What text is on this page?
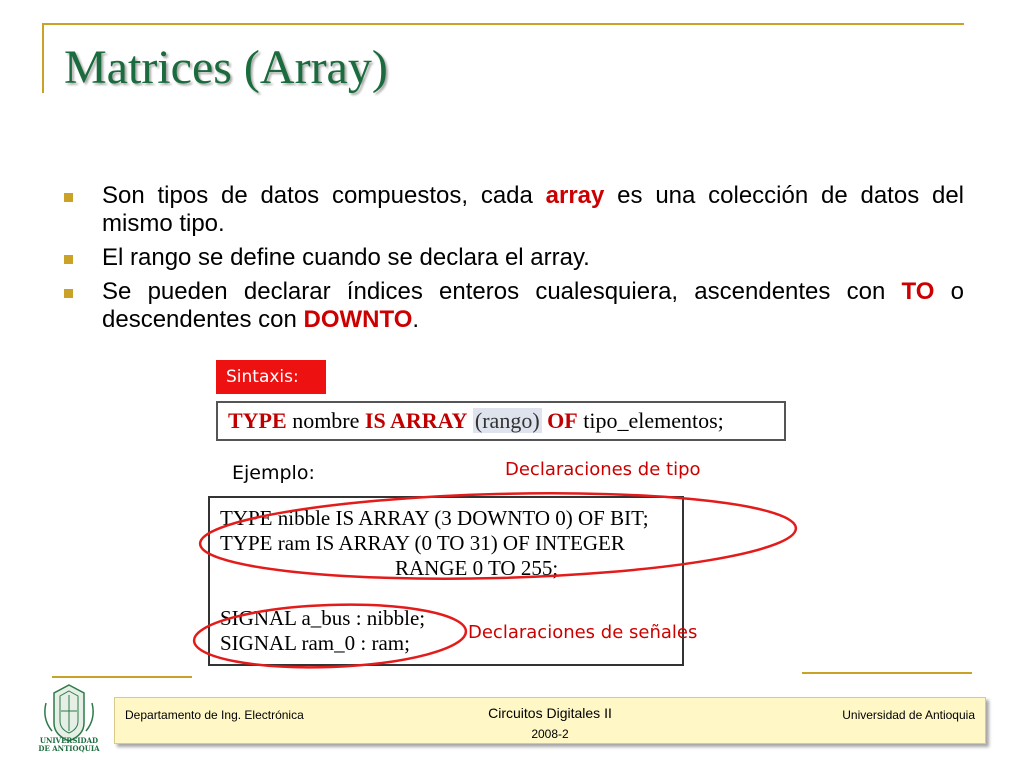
Matrices (Array)
Son tipos de datos compuestos, cada array es una colección de datos del mismo tipo.
El rango se define cuando se declara el array.
Se pueden declarar índices enteros cualesquiera, ascendentes con TO o descendentes con DOWNTO.
Sintaxis:
TYPE nombre IS ARRAY (rango) OF tipo_elementos;
Ejemplo:	Declaraciones de tipo
TYPE nibble IS ARRAY (3 DOWNTO 0) OF BIT;
TYPE ram IS ARRAY (0 TO 31) OF INTEGER
RANGE 0 TO 255;
SIGNAL a_bus : nibble;
SIGNAL ram_0 : ram;	Declaraciones de señales
UNIVERSIDAD
DE ANTIOQUIA
Departamento de Ing. Electrónica	Circuitos Digitales II
2008-2
Universidad de Antioquia
